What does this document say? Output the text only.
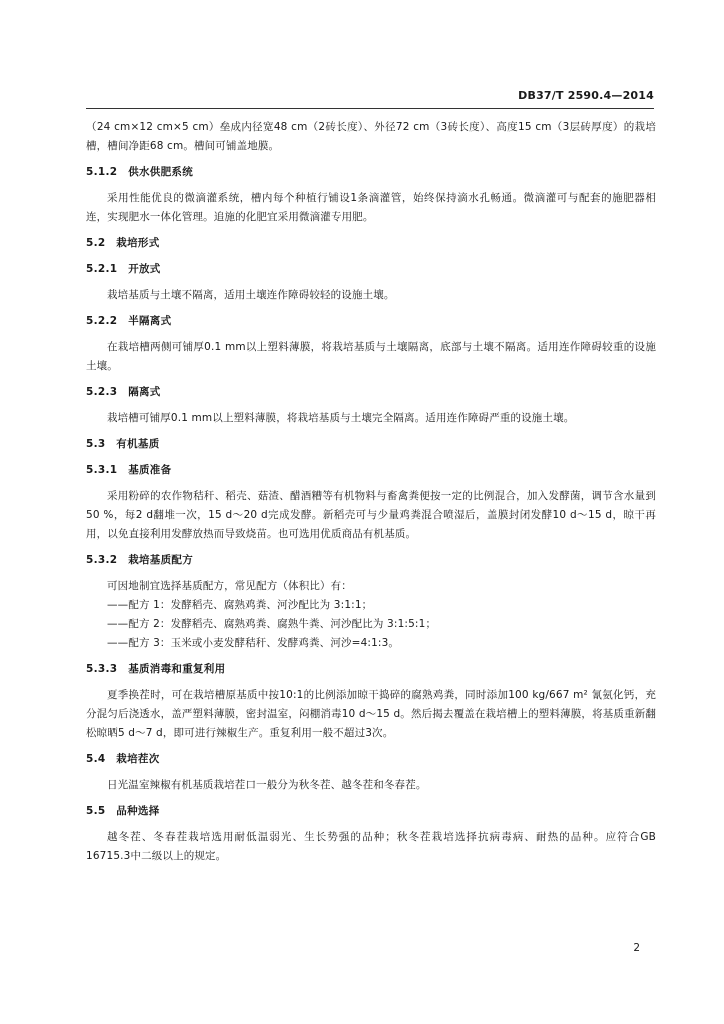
DB37/T 2590.4—2014

（24 cm×12 cm×5 cm）垒成内径宽48 cm（2砖长度）、外径72 cm（3砖长度）、高度15 cm（3层砖厚度）的栽培槽，槽间净距68 cm。槽间可铺盖地膜。

5.1.2　供水供肥系统

采用性能优良的微滴灌系统，槽内每个种植行铺设1条滴灌管，始终保持滴水孔畅通。微滴灌可与配套的施肥器相连，实现肥水一体化管理。追施的化肥宜采用微滴灌专用肥。

5.2　栽培形式
5.2.1　开放式

栽培基质与土壤不隔离，适用土壤连作障碍较轻的设施土壤。

5.2.2　半隔离式

在栽培槽两侧可铺厚0.1 mm以上塑料薄膜，将栽培基质与土壤隔离，底部与土壤不隔离。适用连作障碍较重的设施土壤。

5.2.3　隔离式

栽培槽可铺厚0.1 mm以上塑料薄膜，将栽培基质与土壤完全隔离。适用连作障碍严重的设施土壤。

5.3　有机基质
5.3.1　基质准备

采用粉碎的农作物秸秆、稻壳、菇渣、醋酒糟等有机物料与畜禽粪便按一定的比例混合，加入发酵菌，调节含水量到50 %，每2 d翻堆一次，15 d～20 d完成发酵。新稻壳可与少量鸡粪混合喷湿后，盖膜封闭发酵10 d～15 d，晾干再用，以免直接利用发酵放热而导致烧苗。也可选用优质商品有机基质。

5.3.2　栽培基质配方

可因地制宜选择基质配方，常见配方（体积比）有：

——配方 1：发酵稻壳、腐熟鸡粪、河沙配比为 3:1:1；
——配方 2：发酵稻壳、腐熟鸡粪、腐熟牛粪、河沙配比为 3:1:5:1；
——配方 3：玉米或小麦发酵秸秆、发酵鸡粪、河沙=4:1:3。
5.3.3　基质消毒和重复利用

夏季换茬时，可在栽培槽原基质中按10:1的比例添加晾干捣碎的腐熟鸡粪，同时添加100 kg/667 m² 氰氨化钙，充分混匀后浇透水，盖严塑料薄膜，密封温室，闷棚消毒10 d～15 d。然后揭去覆盖在栽培槽上的塑料薄膜，将基质重新翻松晾晒5 d～7 d，即可进行辣椒生产。重复利用一般不超过3次。

5.4　栽培茬次

日光温室辣椒有机基质栽培茬口一般分为秋冬茬、越冬茬和冬春茬。

5.5　品种选择

越冬茬、冬春茬栽培选用耐低温弱光、生长势强的品种；秋冬茬栽培选择抗病毒病、耐热的品种。应符合GB 16715.3中二级以上的规定。

2
